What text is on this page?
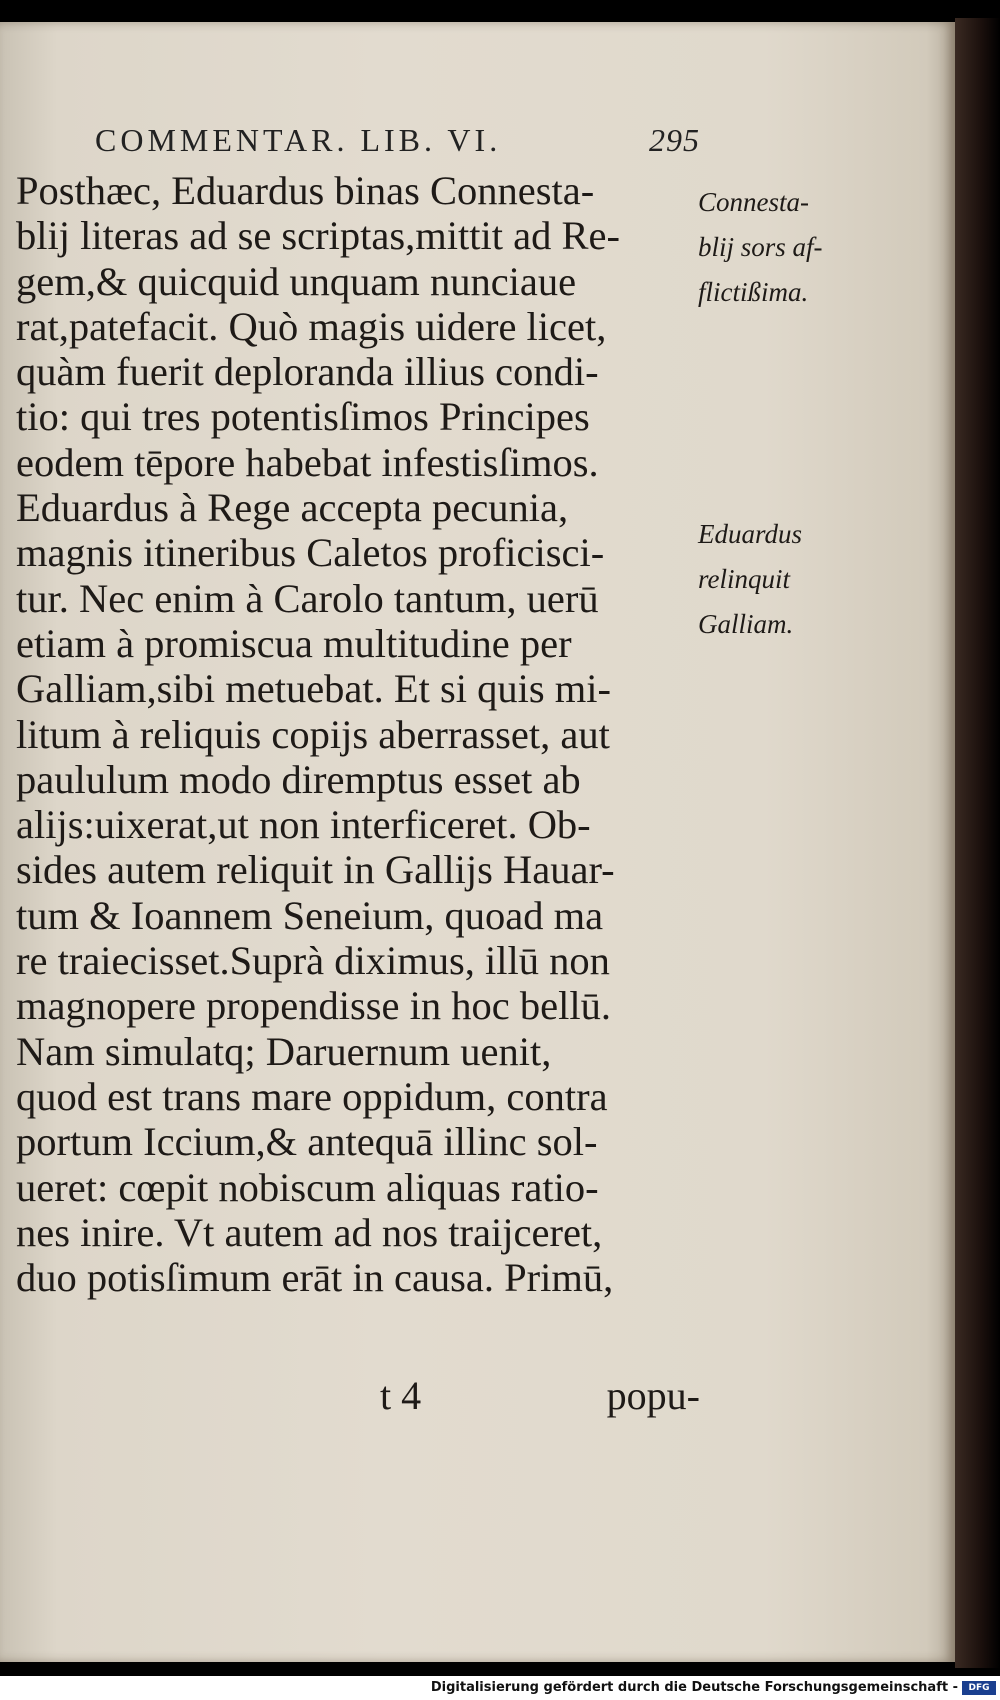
COMMENTAR. LIB. VI.	295
Posthæc, Eduardus binas Connesta-
blij literas ad se scriptas,mittit ad Re-
gem,& quicquid unquam nunciaue
rat,patefacit. Quò magis uidere licet,
quàm fuerit deploranda illius condi-
tio: qui tres potentisſimos Principes
eodem tēpore habebat infestisſimos.
Eduardus à Rege accepta pecunia,
magnis itineribus Caletos proficisci-
tur. Nec enim à Carolo tantum, uerū
etiam à promiscua multitudine per
Galliam,sibi metuebat. Et si quis mi-
litum à reliquis copijs aberrasset, aut
paululum modo diremptus esset ab
alijs:uixerat,ut non interficeret. Ob-
sides autem reliquit in Gallijs Hauar-
tum & Ioannem Seneium, quoad ma
re traiecisset.Suprà diximus, illū non
magnopere propendisse in hoc bellū.
Nam simulatq; Daruernum uenit,
quod est trans mare oppidum, contra
portum Iccium,& antequā illinc sol-
ueret: cœpit nobiscum aliquas ratio-
nes inire. Vt autem ad nos traijceret,
duo potisſimum erāt in causa. Primū,
Connesta-
blij sors af-
flictißima.
Eduardus
relinquit
Galliam.
t 4	popu-
Digitalisierung gefördert durch die Deutsche Forschungsgemeinschaft -	DFG
